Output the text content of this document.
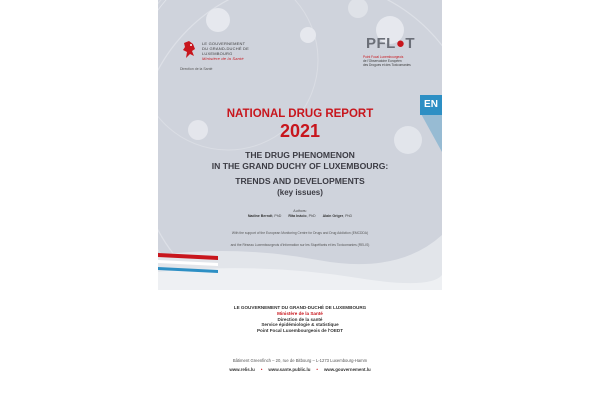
LE GOUVERNEMENT
DU GRAND-DUCHÉ DE
LUXEMBOURG
Ministère de la Santé
Direction de la Santé
PFL●T
Point Focal Luxembourgeois
de l'Observatoire Européen
des Drogues et des Toxicomanies
EN
NATIONAL DRUG REPORT
2021
THE DRUG PHENOMENON
IN THE GRAND DUCHY OF LUXEMBOURG:
TRENDS AND DEVELOPMENTS
(key issues)
Authors:
Nadine Berndt, PhD Rita Inácio, PhD Alain Origer, PhD
With the support of the European Monitoring Centre for Drugs and Drug Addiction (EMCDDA)
and the Réseau Luxembourgeois d'Information sur les Stupéfiants et les Toxicomanies (RELIS)
LE GOUVERNEMENT DU GRAND-DUCHÉ DE LUXEMBOURG
Ministère de la Santé
Direction de la santé
Service épidémiologie & statistique
Point Focal Luxembourgeois de l'OEDT
Bâtiment Greenfinch – 20, rue de Bitbourg – L-1273 Luxembourg-Hamm
www.relis.lu • www.sante.public.lu • www.gouvernement.lu
